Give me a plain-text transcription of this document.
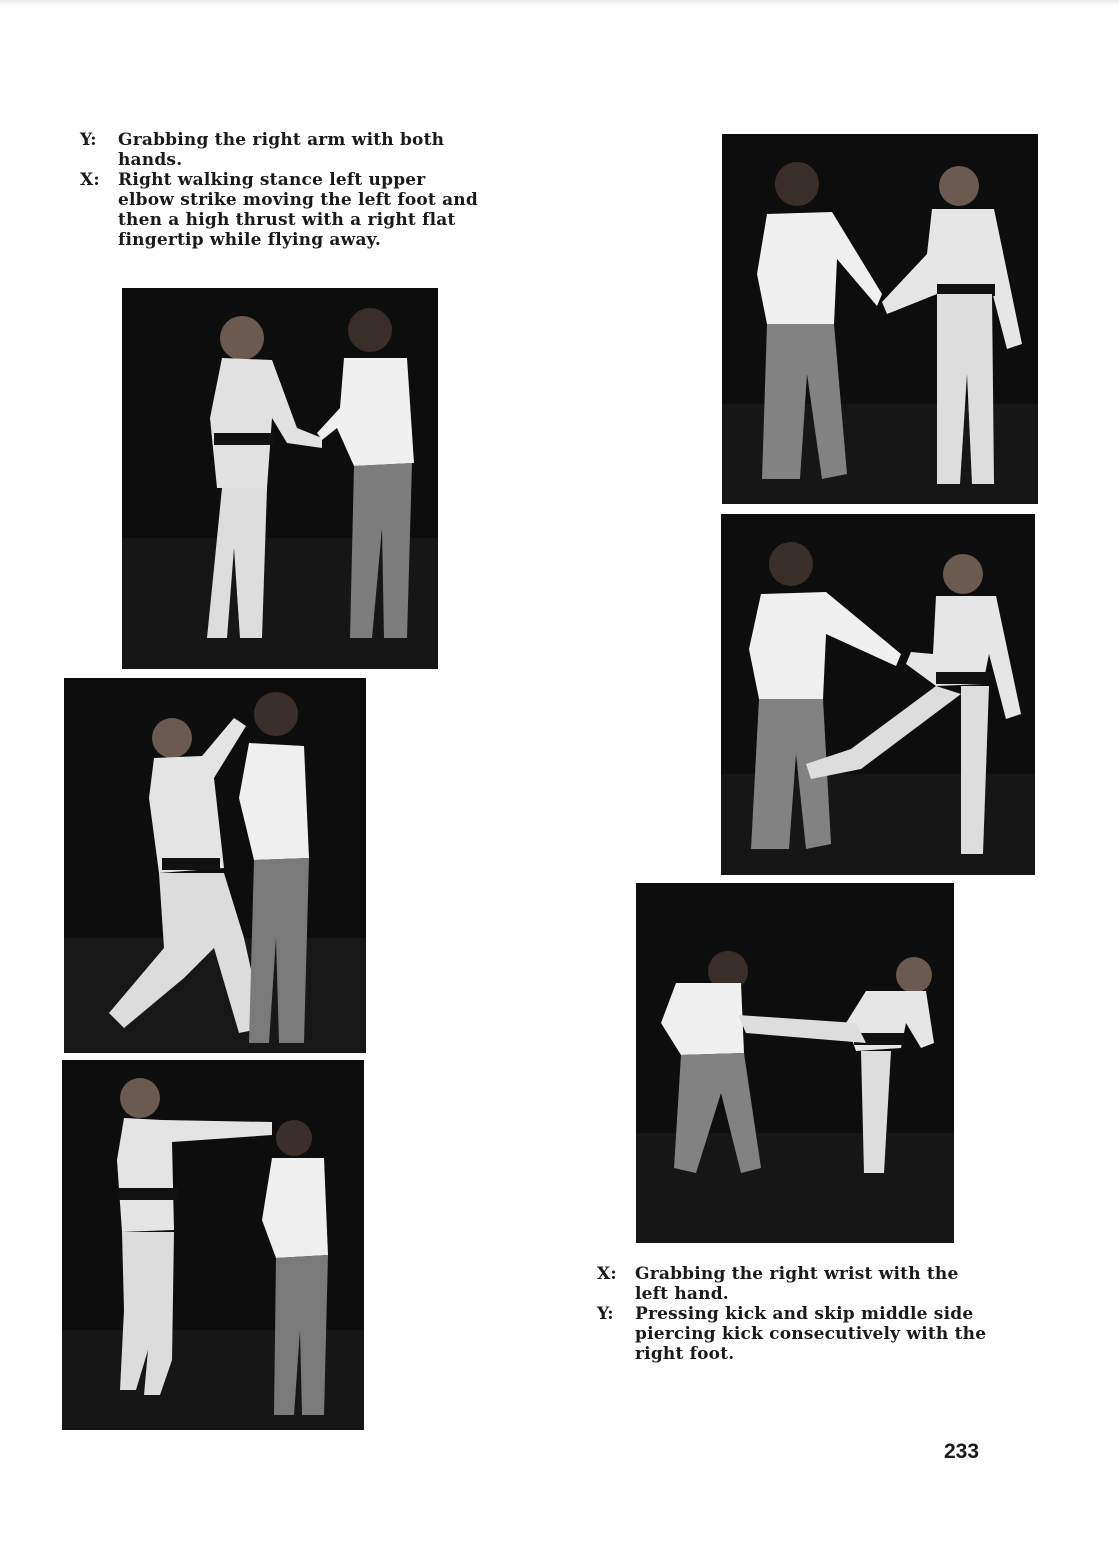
Y: Grabbing the right arm with both hands.

X: Right walking stance left upper elbow strike moving the left foot and then a high thrust with a right flat fingertip while flying away.

X: Grabbing the right wrist with the left hand.

Y: Pressing kick and skip middle side piercing kick consecutively with the right foot.

233
